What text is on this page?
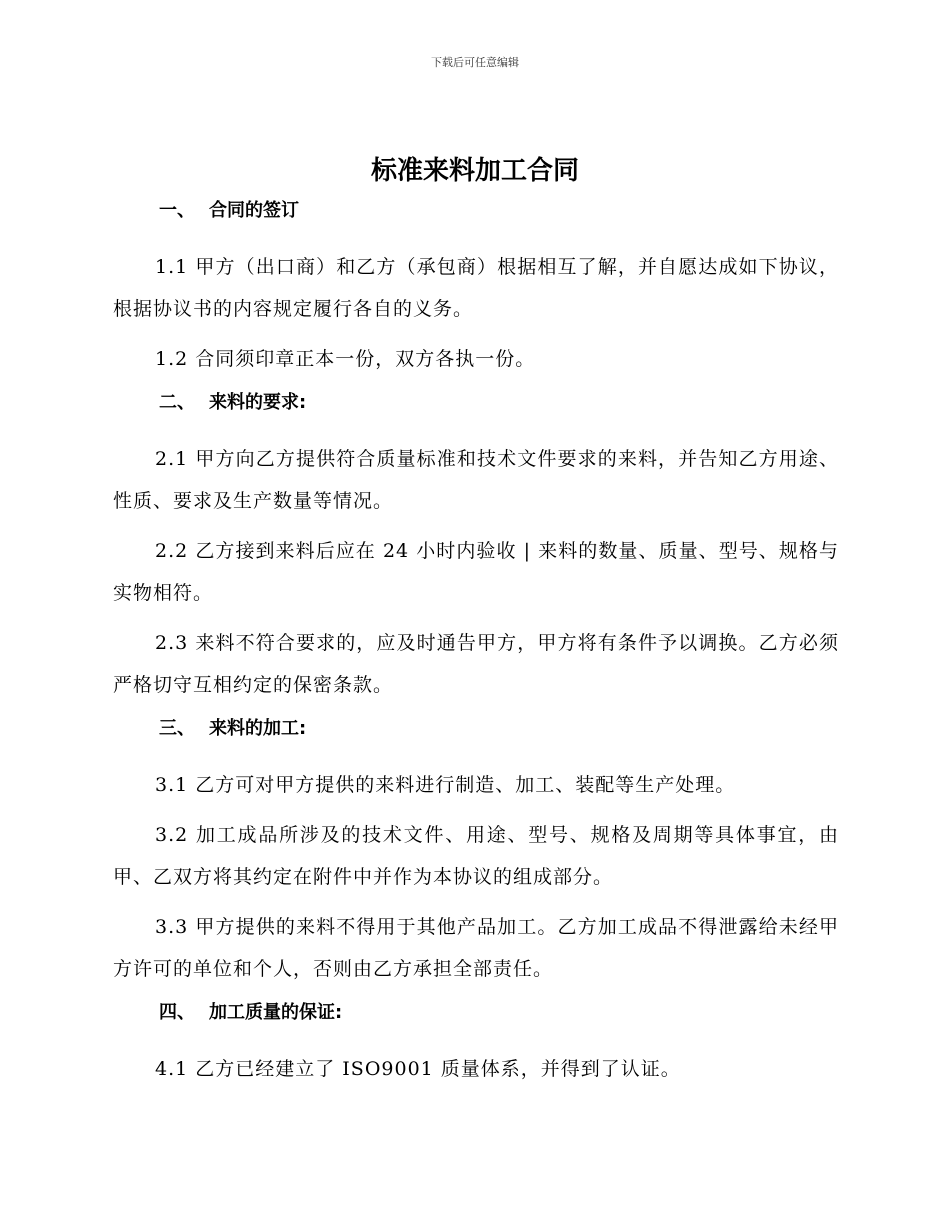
下载后可任意编辑
标准来料加工合同
一、 合同的签订

1.1 甲方（出口商）和乙方（承包商）根据相互了解，并自愿达成如下协议，根据协议书的内容规定履行各自的义务。

1.2 合同须印章正本一份，双方各执一份。

二、 来料的要求:

2.1 甲方向乙方提供符合质量标准和技术文件要求的来料，并告知乙方用途、性质、要求及生产数量等情况。

2.2 乙方接到来料后应在 24 小时内验收 | 来料的数量、质量、型号、规格与实物相符。

2.3 来料不符合要求的，应及时通告甲方，甲方将有条件予以调换。乙方必须严格切守互相约定的保密条款。

三、 来料的加工:

3.1 乙方可对甲方提供的来料进行制造、加工、装配等生产处理。

3.2 加工成品所涉及的技术文件、用途、型号、规格及周期等具体事宜，由甲、乙双方将其约定在附件中并作为本协议的组成部分。

3.3 甲方提供的来料不得用于其他产品加工。乙方加工成品不得泄露给未经甲方许可的单位和个人，否则由乙方承担全部责任。

四、 加工质量的保证:

4.1 乙方已经建立了 ISO9001 质量体系，并得到了认证。
